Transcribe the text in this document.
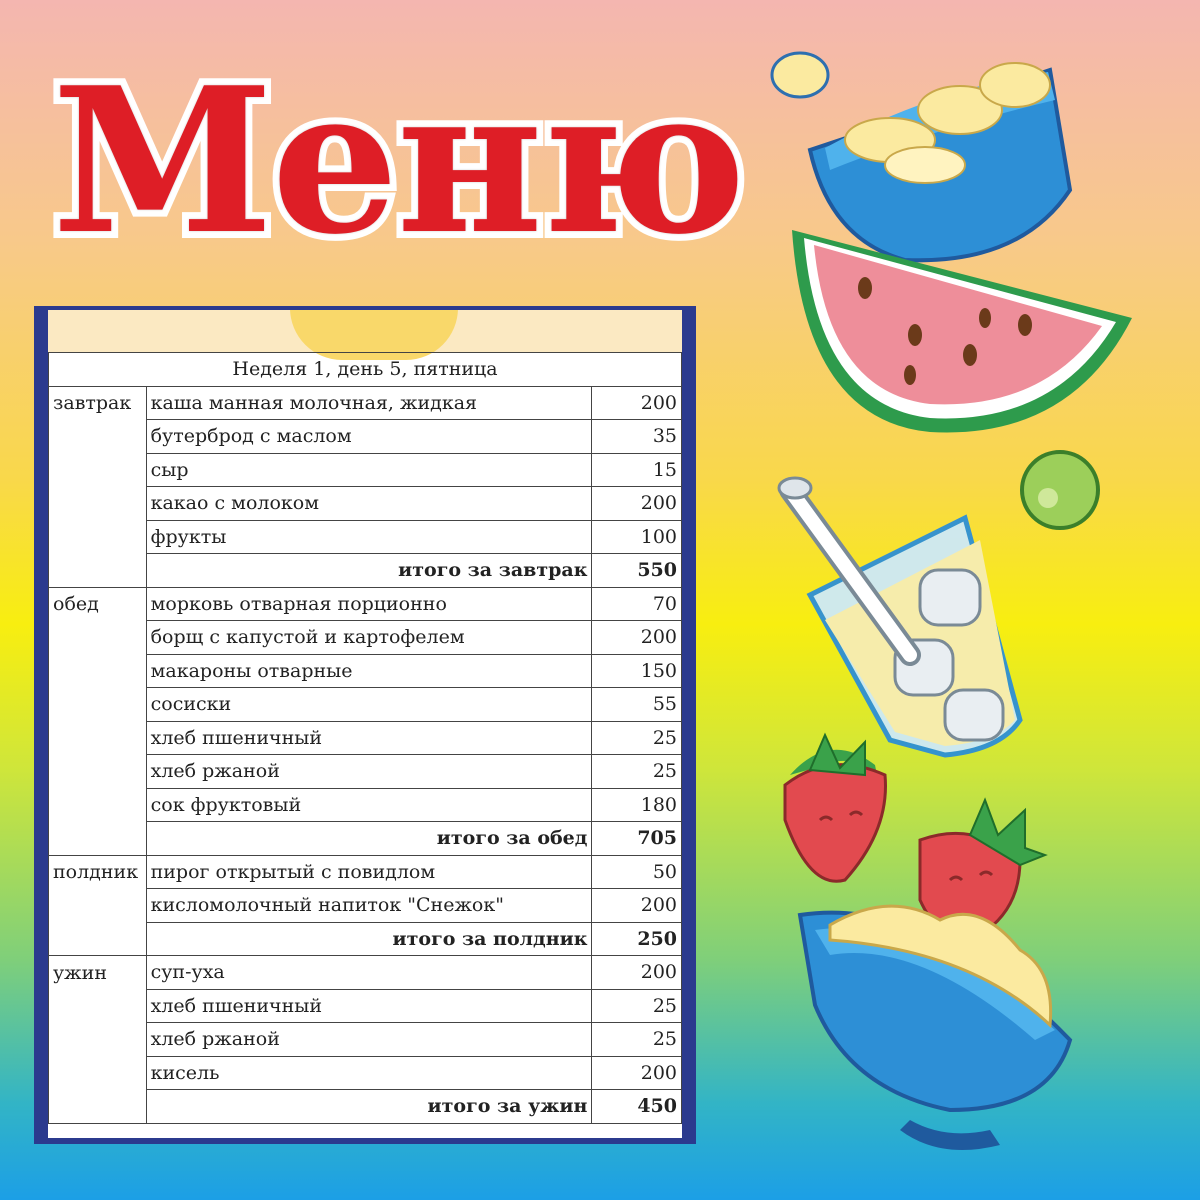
Меню
Неделя 1, день 5, пятница		
завтрак	каша манная молочная, жидкая	200
	бутерброд с маслом	35
	сыр	15
	какао с молоком	200
	фрукты	100
	итого за завтрак	550
обед	морковь отварная порционно	70
	борщ с капустой и картофелем	200
	макароны отварные	150
	сосиски	55
	хлеб пшеничный	25
	хлеб ржаной	25
	сок фруктовый	180
	итого за обед	705
полдник	пирог открытый с повидлом	50
	кисломолочный напиток "Снежок"	200
	итого за полдник	250
ужин	суп-уха	200
	хлеб пшеничный	25
	хлеб ржаной	25
	кисель	200
	итого за ужин	450
